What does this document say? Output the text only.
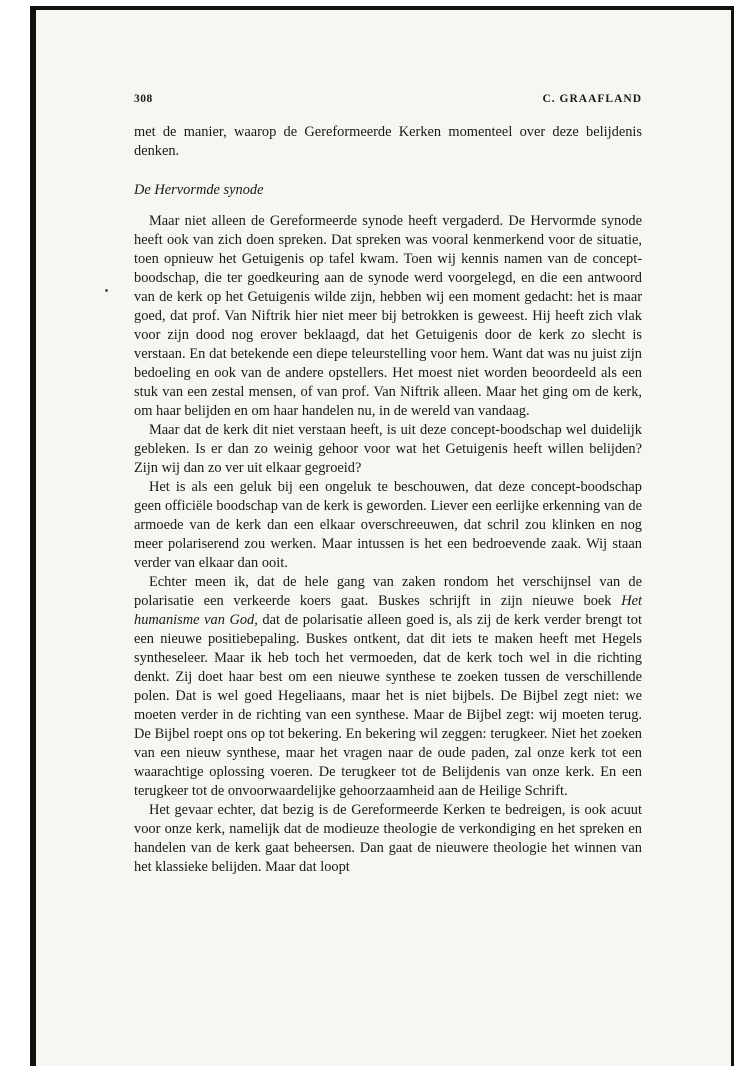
308	C. GRAAFLAND

met de manier, waarop de Gereformeerde Kerken momenteel over deze belijdenis denken.

De Hervormde synode

Maar niet alleen de Gereformeerde synode heeft vergaderd. De Hervormde synode heeft ook van zich doen spreken. Dat spreken was vooral kenmerkend voor de situatie, toen opnieuw het Getuigenis op tafel kwam. Toen wij kennis namen van de concept-boodschap, die ter goedkeuring aan de synode werd voorgelegd, en die een antwoord van de kerk op het Getuigenis wilde zijn, hebben wij een moment gedacht: het is maar goed, dat prof. Van Niftrik hier niet meer bij betrokken is geweest. Hij heeft zich vlak voor zijn dood nog erover beklaagd, dat het Getuigenis door de kerk zo slecht is verstaan. En dat betekende een diepe teleurstelling voor hem. Want dat was nu juist zijn bedoeling en ook van de andere opstellers. Het moest niet worden beoordeeld als een stuk van een zestal mensen, of van prof. Van Niftrik alleen. Maar het ging om de kerk, om haar belijden en om haar handelen nu, in de wereld van vandaag.

Maar dat de kerk dit niet verstaan heeft, is uit deze concept-boodschap wel duidelijk gebleken. Is er dan zo weinig gehoor voor wat het Getuigenis heeft willen belijden? Zijn wij dan zo ver uit elkaar gegroeid?

Het is als een geluk bij een ongeluk te beschouwen, dat deze concept-boodschap geen officiële boodschap van de kerk is geworden. Liever een eerlijke erkenning van de armoede van de kerk dan een elkaar overschreeuwen, dat schril zou klinken en nog meer polariserend zou werken. Maar intussen is het een bedroevende zaak. Wij staan verder van elkaar dan ooit.

Echter meen ik, dat de hele gang van zaken rondom het verschijnsel van de polarisatie een verkeerde koers gaat. Buskes schrijft in zijn nieuwe boek Het humanisme van God, dat de polarisatie alleen goed is, als zij de kerk verder brengt tot een nieuwe positiebepaling. Buskes ontkent, dat dit iets te maken heeft met Hegels syntheseleer. Maar ik heb toch het vermoeden, dat de kerk toch wel in die richting denkt. Zij doet haar best om een nieuwe synthese te zoeken tussen de verschillende polen. Dat is wel goed Hegeliaans, maar het is niet bijbels. De Bijbel zegt niet: we moeten verder in de richting van een synthese. Maar de Bijbel zegt: wij moeten terug. De Bijbel roept ons op tot bekering. En bekering wil zeggen: terugkeer. Niet het zoeken van een nieuw synthese, maar het vragen naar de oude paden, zal onze kerk tot een waarachtige oplossing voeren. De terugkeer tot de Belijdenis van onze kerk. En een terugkeer tot de onvoorwaardelijke gehoorzaamheid aan de Heilige Schrift.

Het gevaar echter, dat bezig is de Gereformeerde Kerken te bedreigen, is ook acuut voor onze kerk, namelijk dat de modieuze theologie de verkondiging en het spreken en handelen van de kerk gaat beheersen. Dan gaat de nieuwere theologie het winnen van het klassieke belijden. Maar dat loopt
